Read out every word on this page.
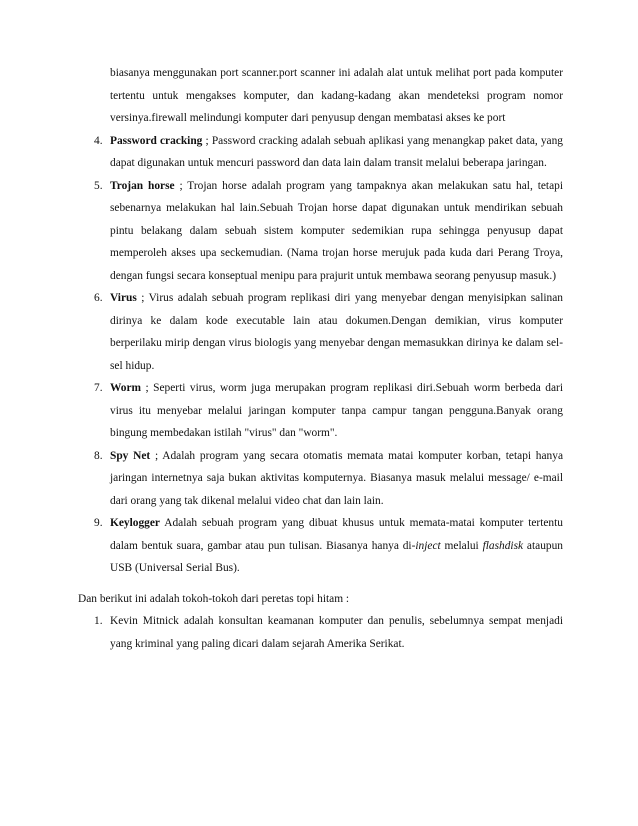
biasanya menggunakan port scanner.port scanner ini adalah alat untuk melihat port pada komputer tertentu untuk mengakses komputer, dan kadang-kadang akan mendeteksi program nomor versinya.firewall melindungi komputer dari penyusup dengan membatasi akses ke port
4. Password cracking ; Password cracking adalah sebuah aplikasi yang menangkap paket data, yang dapat digunakan untuk mencuri password dan data lain dalam transit melalui beberapa jaringan.
5. Trojan horse ; Trojan horse adalah program yang tampaknya akan melakukan satu hal, tetapi sebenarnya melakukan hal lain.Sebuah Trojan horse dapat digunakan untuk mendirikan sebuah pintu belakang dalam sebuah sistem komputer sedemikian rupa sehingga penyusup dapat memperoleh akses upa seckemudian. (Nama trojan horse merujuk pada kuda dari Perang Troya, dengan fungsi secara konseptual menipu para prajurit untuk membawa seorang penyusup masuk.)
6. Virus ; Virus adalah sebuah program replikasi diri yang menyebar dengan menyisipkan salinan dirinya ke dalam kode executable lain atau dokumen.Dengan demikian, virus komputer berperilaku mirip dengan virus biologis yang menyebar dengan memasukkan dirinya ke dalam sel-sel hidup.
7. Worm ; Seperti virus, worm juga merupakan program replikasi diri.Sebuah worm berbeda dari virus itu menyebar melalui jaringan komputer tanpa campur tangan pengguna.Banyak orang bingung membedakan istilah "virus" dan "worm".
8. Spy Net ; Adalah program yang secara otomatis memata matai komputer korban, tetapi hanya jaringan internetnya saja bukan aktivitas komputernya. Biasanya masuk melalui message/ e-mail dari orang yang tak dikenal melalui video chat dan lain lain.
9. Keylogger Adalah sebuah program yang dibuat khusus untuk memata-matai komputer tertentu dalam bentuk suara, gambar atau pun tulisan. Biasanya hanya di-inject melalui flashdisk ataupun USB (Universal Serial Bus).
Dan berikut ini adalah tokoh-tokoh dari peretas topi hitam :
1. Kevin Mitnick adalah konsultan keamanan komputer dan penulis, sebelumnya sempat menjadi yang kriminal yang paling dicari dalam sejarah Amerika Serikat.
